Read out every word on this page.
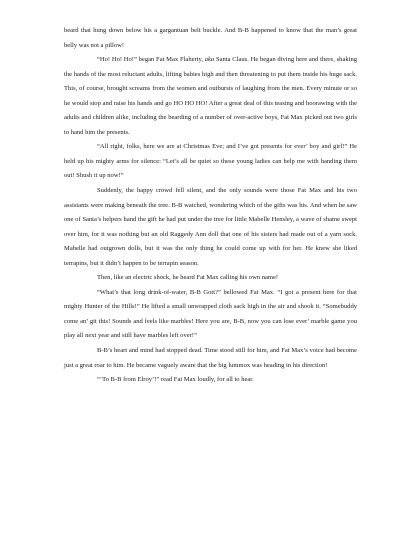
beard that hung down below his a gargantuan belt buckle. And B-B happened to know that the man’s great belly was not a pillow!

“Ho! Ho! Ho!” began Fat Max Flaherty, aka Santa Claus. He began diving here and there, shaking the hands of the most reluctant adults, lifting babies high and then threatening to put them inside his huge sack. This, of course, brought screams from the women and outbursts of laughing from the men. Every minute or so he would stop and raise his hands and go HO HO HO! After a great deal of this teasing and hoorawing with the adults and children alike, including the bearding of a number of over-active boys, Fat Max picked out two girls to hand him the presents.

“All right, folks, here we are at Christmas Eve; and I’ve got presents for ever’ boy and girl!” He held up his mighty arms for silence: “Let’s all be quiet so these young ladies can help me with handing them out! Shush it up now!”

Suddenly, the happy crowd fell silent, and the only sounds were those Fat Max and his two assistants were making beneath the tree. B-B watched, wondering which of the gifts was his. And when he saw one of Santa’s helpers hand the gift he had put under the tree for little Mabelle Hensley, a wave of shame swept over him, for it was nothing but an old Raggedy Ann doll that one of his sisters had made out of a yarn sock. Mabelle had outgrown dolls, but it was the only thing he could come up with for her. He knew she liked terrapins, but it didn’t happen to be terrapin season.

Then, like an electric shock, he heard Fat Max calling his own name!

“What’s that long drink-of-water, B-B Gott?” bellowed Fat Max. “I got a present here for that mighty Hunter of the Hills!” He lifted a small unwrapped cloth sack high in the air and shook it. “Somebuddy come an’ git this! Sounds and feels like marbles! Here you are, B-B, now you can lose ever’ marble game you play all next year and still have marbles left over!”

B-B’s heart and mind had stopped dead. Time stood still for him, and Fat Max’s voice had become just a great roar to him. He became vaguely aware that the big lummox was heading in his direction!

“‘To B-B from Elroy’!” read Fat Max loudly, for all to hear.
